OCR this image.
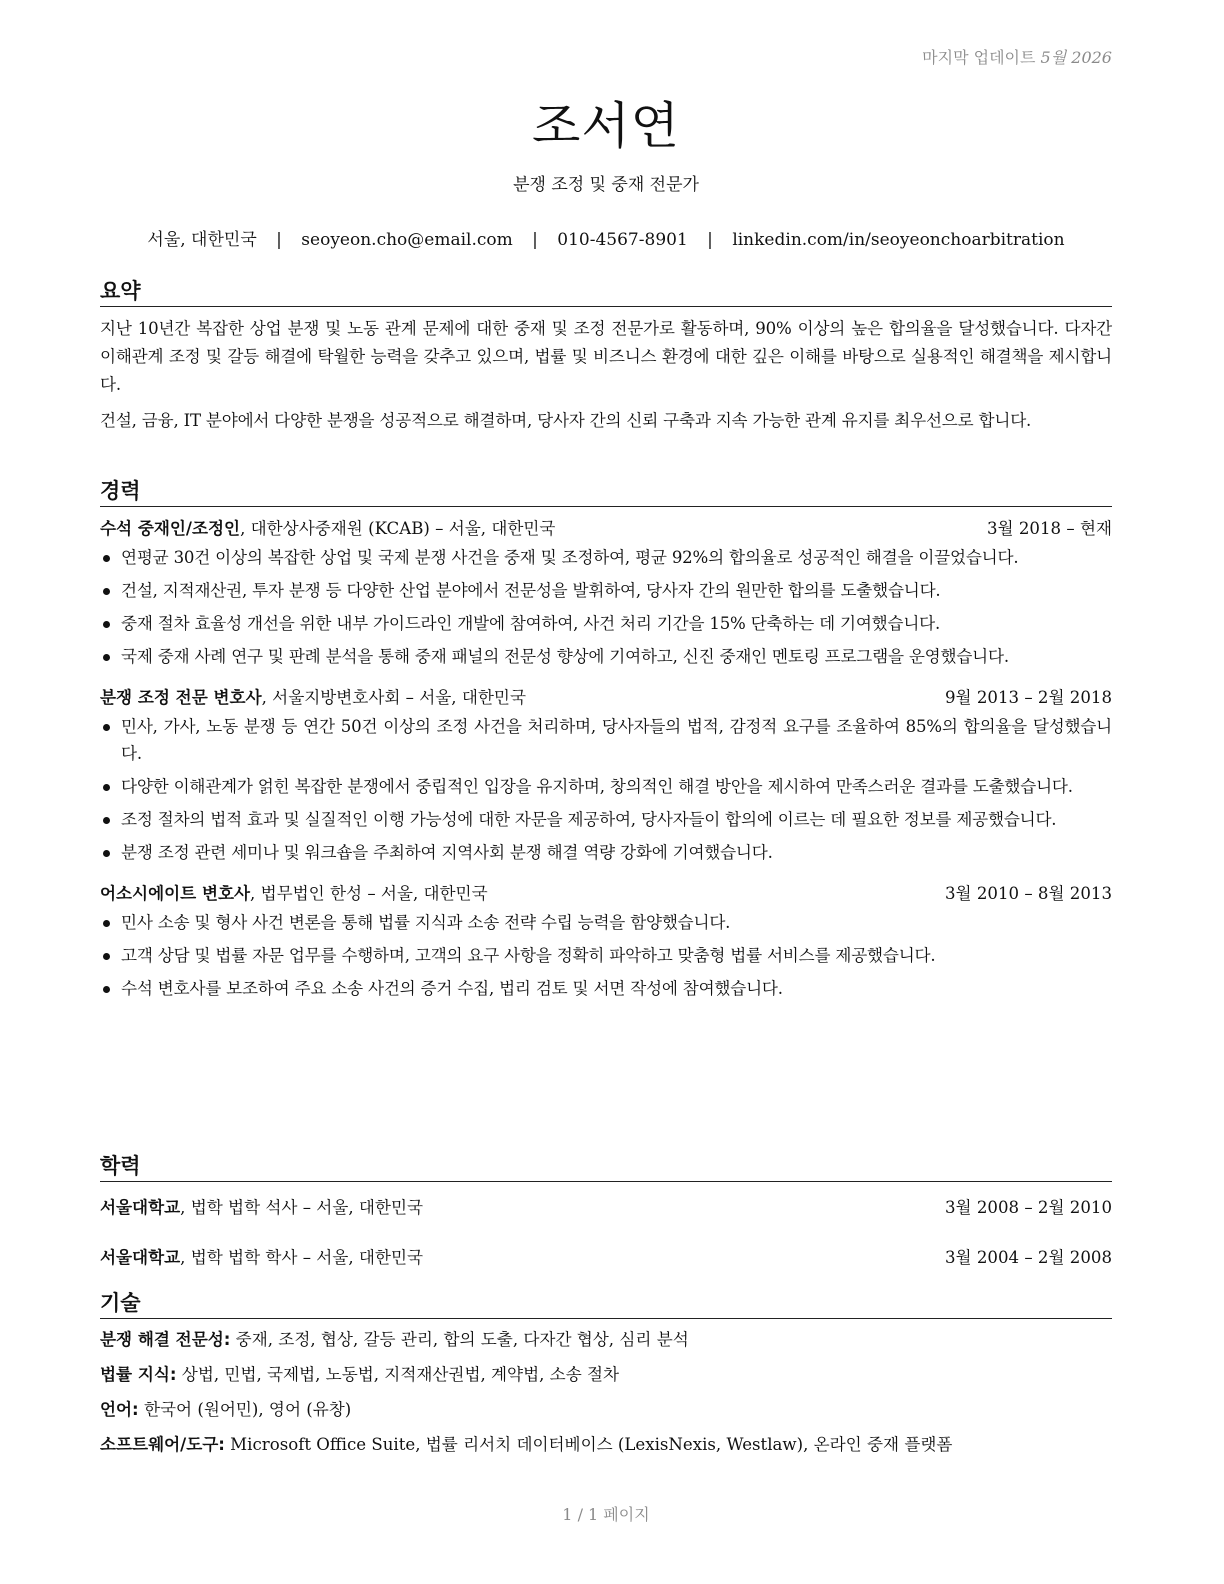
마지막 업데이트 5월 2026
조서연
분쟁 조정 및 중재 전문가
서울, 대한민국 | seoyeon.cho@email.com | 010-4567-8901 | linkedin.com/in/seoyeonchoarbitration
요약

지난 10년간 복잡한 상업 분쟁 및 노동 관계 문제에 대한 중재 및 조정 전문가로 활동하며, 90% 이상의 높은 합의율을 달성했습니다. 다자간 이해관계 조정 및 갈등 해결에 탁월한 능력을 갖추고 있으며, 법률 및 비즈니스 환경에 대한 깊은 이해를 바탕으로 실용적인 해결책을 제시합니다.

건설, 금융, IT 분야에서 다양한 분쟁을 성공적으로 해결하며, 당사자 간의 신뢰 구축과 지속 가능한 관계 유지를 최우선으로 합니다.

경력
수석 중재인/조정인, 대한상사중재원 (KCAB) – 서울, 대한민국	3월 2018 – 현재
연평균 30건 이상의 복잡한 상업 및 국제 분쟁 사건을 중재 및 조정하여, 평균 92%의 합의율로 성공적인 해결을 이끌었습니다.
건설, 지적재산권, 투자 분쟁 등 다양한 산업 분야에서 전문성을 발휘하여, 당사자 간의 원만한 합의를 도출했습니다.
중재 절차 효율성 개선을 위한 내부 가이드라인 개발에 참여하여, 사건 처리 기간을 15% 단축하는 데 기여했습니다.
국제 중재 사례 연구 및 판례 분석을 통해 중재 패널의 전문성 향상에 기여하고, 신진 중재인 멘토링 프로그램을 운영했습니다.
분쟁 조정 전문 변호사, 서울지방변호사회 – 서울, 대한민국	9월 2013 – 2월 2018
민사, 가사, 노동 분쟁 등 연간 50건 이상의 조정 사건을 처리하며, 당사자들의 법적, 감정적 요구를 조율하여 85%의 합의율을 달성했습니다.
다양한 이해관계가 얽힌 복잡한 분쟁에서 중립적인 입장을 유지하며, 창의적인 해결 방안을 제시하여 만족스러운 결과를 도출했습니다.
조정 절차의 법적 효과 및 실질적인 이행 가능성에 대한 자문을 제공하여, 당사자들이 합의에 이르는 데 필요한 정보를 제공했습니다.
분쟁 조정 관련 세미나 및 워크숍을 주최하여 지역사회 분쟁 해결 역량 강화에 기여했습니다.
어소시에이트 변호사, 법무법인 한성 – 서울, 대한민국	3월 2010 – 8월 2013
민사 소송 및 형사 사건 변론을 통해 법률 지식과 소송 전략 수립 능력을 함양했습니다.
고객 상담 및 법률 자문 업무를 수행하며, 고객의 요구 사항을 정확히 파악하고 맞춤형 법률 서비스를 제공했습니다.
수석 변호사를 보조하여 주요 소송 사건의 증거 수집, 법리 검토 및 서면 작성에 참여했습니다.
학력
서울대학교, 법학 법학 석사 – 서울, 대한민국	3월 2008 – 2월 2010
서울대학교, 법학 법학 학사 – 서울, 대한민국	3월 2004 – 2월 2008
기술
분쟁 해결 전문성: 중재, 조정, 협상, 갈등 관리, 합의 도출, 다자간 협상, 심리 분석
법률 지식: 상법, 민법, 국제법, 노동법, 지적재산권법, 계약법, 소송 절차
언어: 한국어 (원어민), 영어 (유창)
소프트웨어/도구: Microsoft Office Suite, 법률 리서치 데이터베이스 (LexisNexis, Westlaw), 온라인 중재 플랫폼
1 / 1 페이지
